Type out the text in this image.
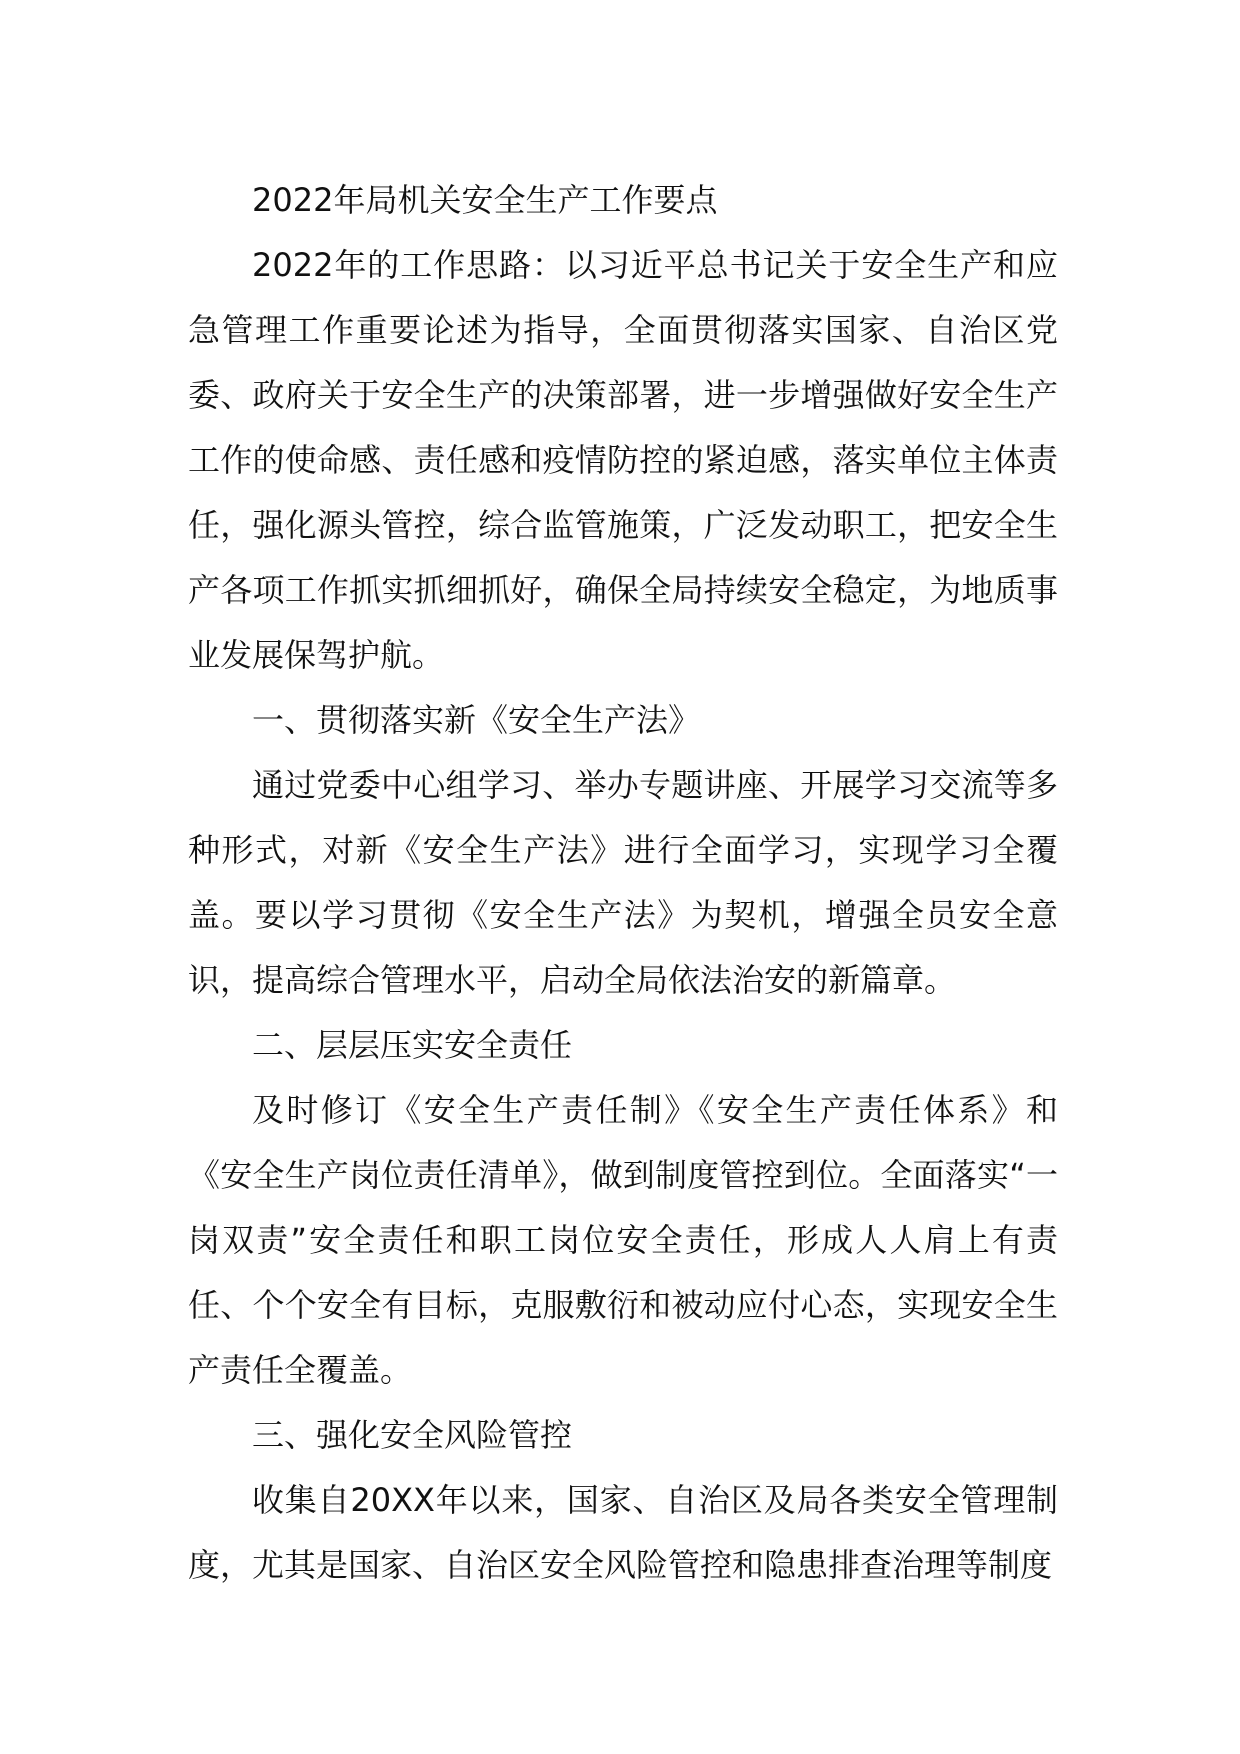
2022年局机关安全生产工作要点

2022年的工作思路：以习近平总书记关于安全生产和应急管理工作重要论述为指导，全面贯彻落实国家、自治区党委、政府关于安全生产的决策部署，进一步增强做好安全生产工作的使命感、责任感和疫情防控的紧迫感，落实单位主体责任，强化源头管控，综合监管施策，广泛发动职工，把安全生产各项工作抓实抓细抓好，确保全局持续安全稳定，为地质事业发展保驾护航。

一、贯彻落实新《安全生产法》

通过党委中心组学习、举办专题讲座、开展学习交流等多种形式，对新《安全生产法》进行全面学习，实现学习全覆盖。要以学习贯彻《安全生产法》为契机，增强全员安全意识，提高综合管理水平，启动全局依法治安的新篇章。

二、层层压实安全责任

及时修订《安全生产责任制》《安全生产责任体系》和《安全生产岗位责任清单》，做到制度管控到位。全面落实“一岗双责”安全责任和职工岗位安全责任，形成人人肩上有责任、个个安全有目标，克服敷衍和被动应付心态，实现安全生产责任全覆盖。

三、强化安全风险管控

收集自20XX年以来，国家、自治区及局各类安全管理制度，尤其是国家、自治区安全风险管控和隐患排查治理等制度
